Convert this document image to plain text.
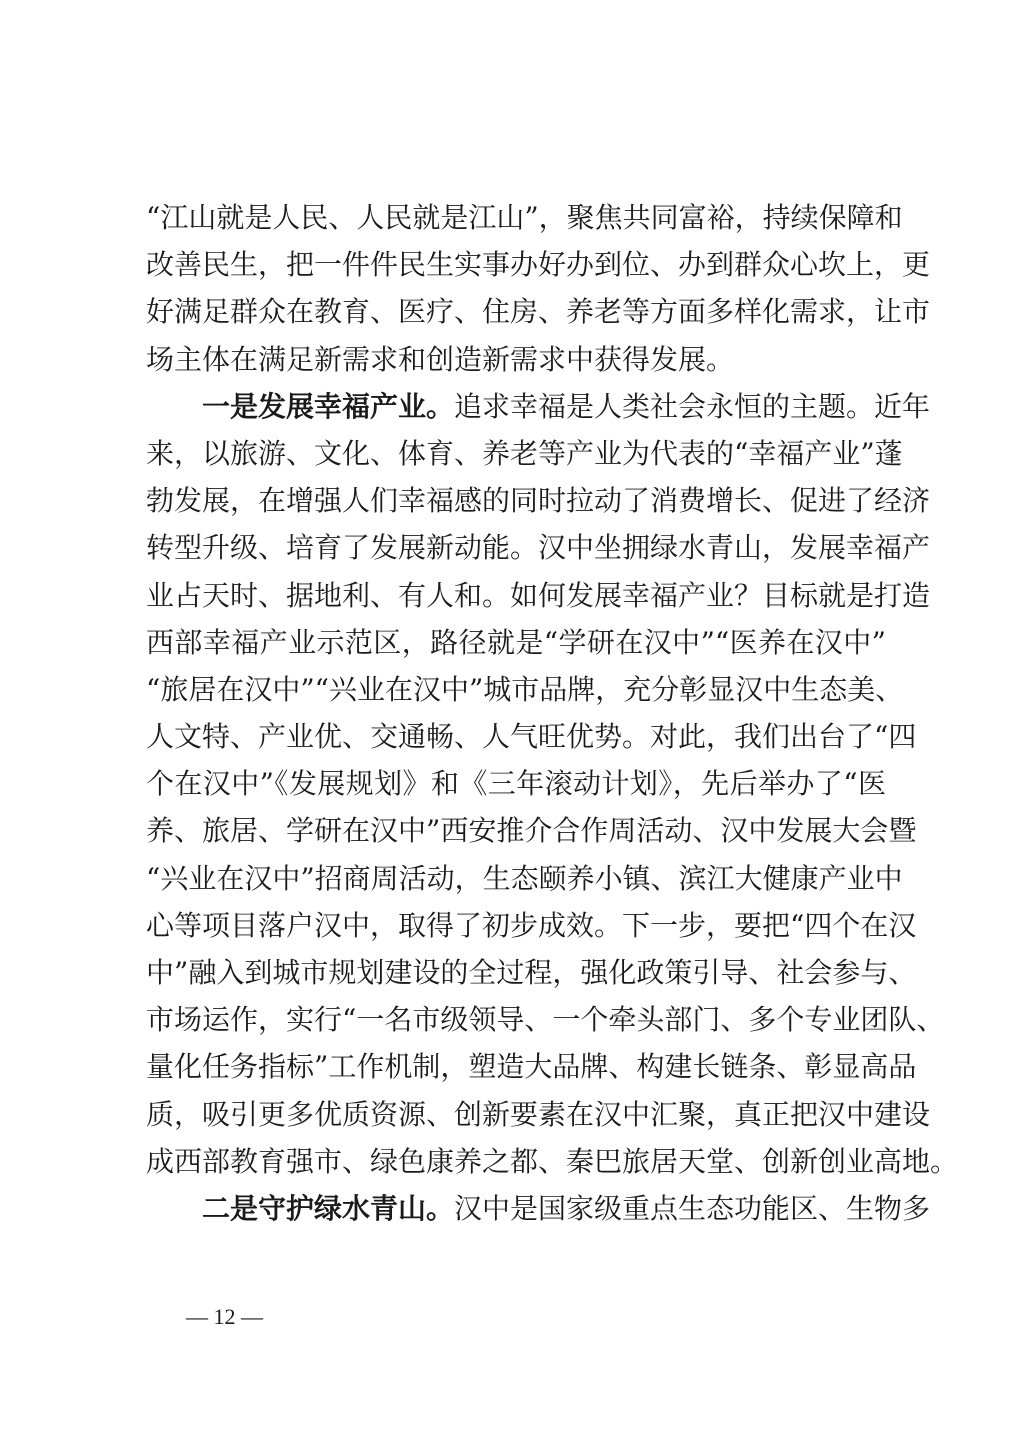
“江山就是人民、人民就是江山”，聚焦共同富裕，持续保障和
改善民生，把一件件民生实事办好办到位、办到群众心坎上，更
好满足群众在教育、医疗、住房、养老等方面多样化需求，让市
场主体在满足新需求和创造新需求中获得发展。
一是发展幸福产业。追求幸福是人类社会永恒的主题。近年
来，以旅游、文化、体育、养老等产业为代表的“幸福产业”蓬
勃发展，在增强人们幸福感的同时拉动了消费增长、促进了经济
转型升级、培育了发展新动能。汉中坐拥绿水青山，发展幸福产
业占天时、据地利、有人和。如何发展幸福产业？目标就是打造
西部幸福产业示范区，路径就是“学研在汉中”“医养在汉中”
“旅居在汉中”“兴业在汉中”城市品牌，充分彰显汉中生态美、
人文特、产业优、交通畅、人气旺优势。对此，我们出台了“四
个在汉中”《发展规划》和《三年滚动计划》，先后举办了“医
养、旅居、学研在汉中”西安推介合作周活动、汉中发展大会暨
“兴业在汉中”招商周活动，生态颐养小镇、滨江大健康产业中
心等项目落户汉中，取得了初步成效。下一步，要把“四个在汉
中”融入到城市规划建设的全过程，强化政策引导、社会参与、
市场运作，实行“一名市级领导、一个牵头部门、多个专业团队、
量化任务指标”工作机制，塑造大品牌、构建长链条、彰显高品
质，吸引更多优质资源、创新要素在汉中汇聚，真正把汉中建设
成西部教育强市、绿色康养之都、秦巴旅居天堂、创新创业高地。
二是守护绿水青山。汉中是国家级重点生态功能区、生物多
— 12 —
